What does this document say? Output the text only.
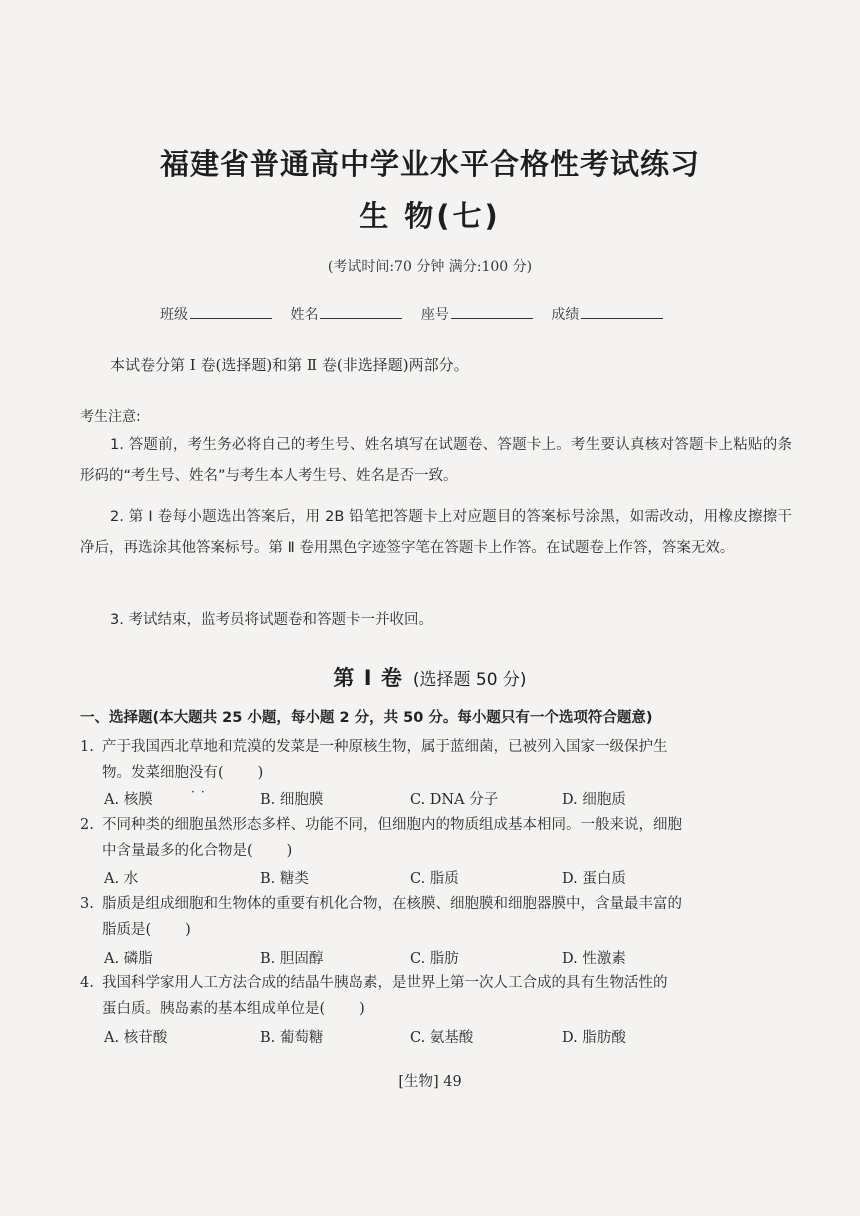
福建省普通高中学业水平合格性考试练习
生 物(七)
(考试时间:70 分钟 满分:100 分)
班级	姓名	座号	成绩
本试卷分第 Ⅰ 卷(选择题)和第 Ⅱ 卷(非选择题)两部分。
考生注意:
1. 答题前，考生务必将自己的考生号、姓名填写在试题卷、答题卡上。考生要认真核对答题卡上粘贴的条形码的“考生号、姓名”与考生本人考生号、姓名是否一致。
2. 第 Ⅰ 卷每小题选出答案后，用 2B 铅笔把答题卡上对应题目的答案标号涂黑，如需改动，用橡皮擦擦干净后，再选涂其他答案标号。第 Ⅱ 卷用黑色字迹签字笔在答题卡上作答。在试题卷上作答，答案无效。
3. 考试结束，监考员将试题卷和答题卡一并收回。
第 Ⅰ 卷 (选择题 50 分)
一、选择题(本大题共 25 小题，每小题 2 分，共 50 分。每小题只有一个选项符合题意)
1. 产于我国西北草地和荒漠的发菜是一种原核生物，属于蓝细菌，已被列入国家一级保护生
物。发菜细胞没有 ··( )
A. 核膜	B. 细胞膜	C. DNA 分子	D. 细胞质
2. 不同种类的细胞虽然形态多样、功能不同，但细胞内的物质组成基本相同。一般来说，细胞
中含量最多的化合物是( )
A. 水	B. 糖类	C. 脂质	D. 蛋白质
3. 脂质是组成细胞和生物体的重要有机化合物，在核膜、细胞膜和细胞器膜中，含量最丰富的
脂质是( )
A. 磷脂	B. 胆固醇	C. 脂肪	D. 性激素
4. 我国科学家用人工方法合成的结晶牛胰岛素，是世界上第一次人工合成的具有生物活性的
蛋白质。胰岛素的基本组成单位是( )
A. 核苷酸	B. 葡萄糖	C. 氨基酸	D. 脂肪酸
[生物] 49
